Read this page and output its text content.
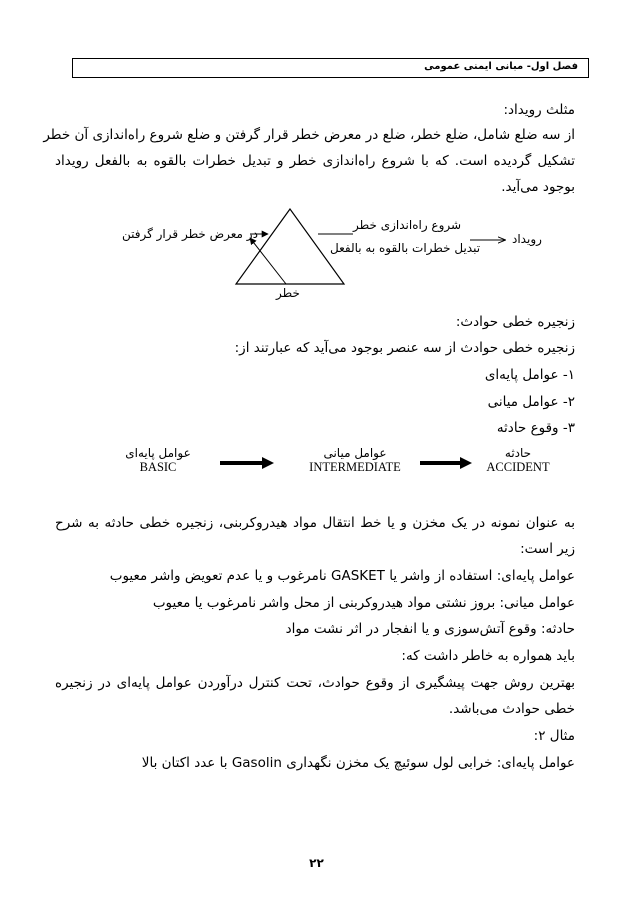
فصل اول- مبانی ایمنی عمومی
مثلث رویداد:
از سه ضلع شامل، ضلع خطر، ضلع در معرض خطر قرار گرفتن و ضلع شروع راه‌اندازی آن خطر
تشکیل گردیده است. که با شروع راه‌اندازی خطر و تبدیل خطرات بالقوه به بالفعل رویداد
بوجود می‌آید.
در معرض خطر قرار گرفتن
شروع راه‌اندازی خطر
تبدیل خطرات بالقوه به بالفعل
رویداد
خطر
زنجیره خطی حوادث:
زنجیره خطی حوادث از سه عنصر بوجود می‌آید که عبارتند از:
۱- عوامل پایه‌ای
۲- عوامل میانی
۳- وقوع حادثه
عوامل پایه‌ای
BASIC
عوامل میانی
INTERMEDIATE
حادثه
ACCIDENT
به عنوان نمونه در یک مخزن و یا خط انتقال مواد هیدروکربنی، زنجیره خطی حادثه به شرح
زیر است:
عوامل پایه‌ای: استفاده از واشر یا GASKET نامرغوب و یا عدم تعویض واشر معیوب
عوامل میانی: بروز نشتی مواد هیدروکربنی از محل واشر نامرغوب یا معیوب
حادثه: وقوع آتش‌سوزی و یا انفجار در اثر نشت مواد
باید همواره به خاطر داشت که:
بهترین روش جهت پیشگیری از وقوع حوادث، تحت کنترل درآوردن عوامل پایه‌ای در زنجیره
خطی حوادث می‌باشد.
مثال ۲:
عوامل پایه‌ای: خرابی لول سوئیچ یک مخزن نگهداری Gasolin با عدد اکتان بالا
۲۲
